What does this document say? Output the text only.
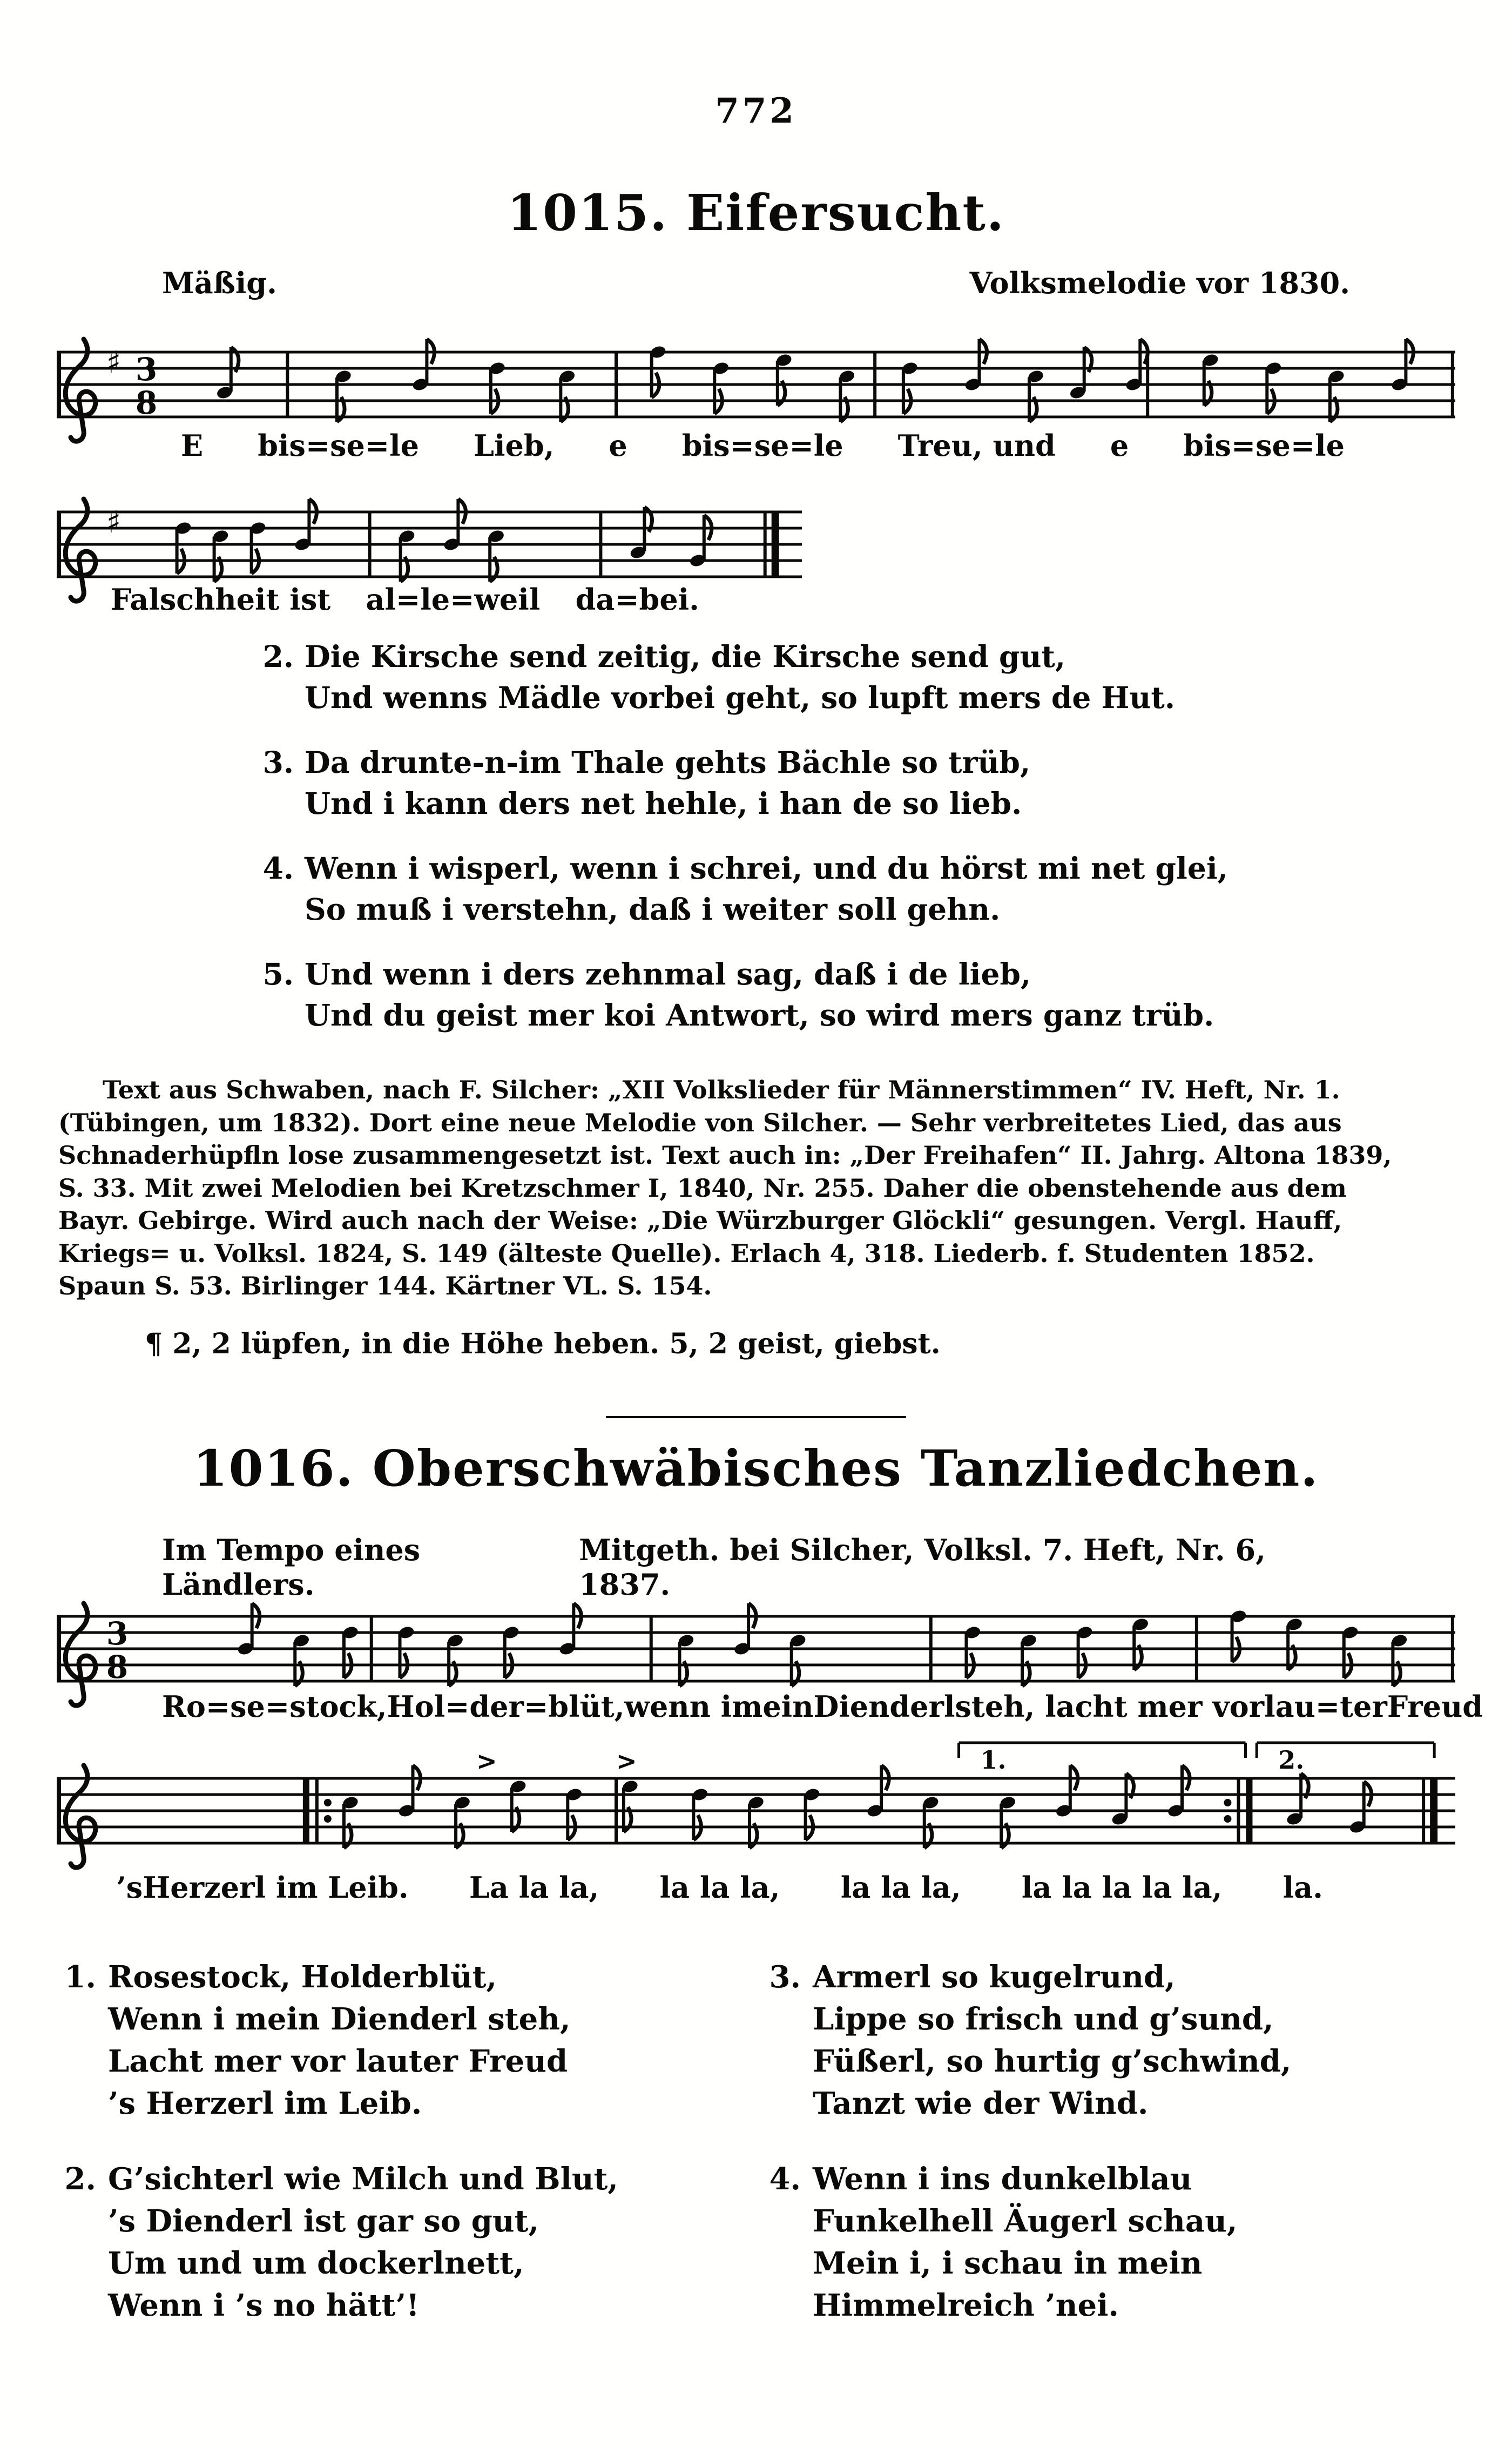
772
1015. Eifersucht.
Mäßig.	Volksmelodie vor 1830.
♯ 3
8
E bis=se=le Lieb, e bis=se=le Treu, und e bis=se=le
♯
Falschheit ist al=le=weil da=bei.
2. Die Kirsche send zeitig, die Kirsche send gut,
Und wenns Mädle vorbei geht, so lupft mers de Hut.
3. Da drunte-n-im Thale gehts Bächle so trüb,
Und i kann ders net hehle, i han de so lieb.
4. Wenn i wisperl, wenn i schrei, und du hörst mi net glei,
So muß i verstehn, daß i weiter soll gehn.
5. Und wenn i ders zehnmal sag, daß i de lieb,
Und du geist mer koi Antwort, so wird mers ganz trüb.
Text aus Schwaben, nach F. Silcher: „XII Volkslieder für Männerstimmen“ IV. Heft, Nr. 1.
(Tübingen, um 1832). Dort eine neue Melodie von Silcher. — Sehr verbreitetes Lied, das aus
Schnaderhüpfln lose zusammengesetzt ist. Text auch in: „Der Freihafen“ II. Jahrg. Altona 1839,
S. 33. Mit zwei Melodien bei Kretzschmer I, 1840, Nr. 255. Daher die obenstehende aus dem
Bayr. Gebirge. Wird auch nach der Weise: „Die Würzburger Glöckli“ gesungen. Vergl. Hauff,
Kriegs= u. Volksl. 1824, S. 149 (älteste Quelle). Erlach 4, 318. Liederb. f. Studenten 1852.
Spaun S. 53. Birlinger 144. Kärtner VL. S. 154.
¶ 2, 2 lüpfen, in die Höhe heben. 5, 2 geist, giebst.
1016. Oberschwäbisches Tanzliedchen.
Im Tempo eines Ländlers.
Mitgeth. bei Silcher, Volksl. 7. Heft, Nr. 6, 1837.
3
8
Ro=se=stock, Hol=der=blüt, wenn i mein Dienderl steh, lacht mer vor lau=ter Freud
1.	2.
>	>
’sHerzerl im Leib. La la la, la la la, la la la, la la la la la, la.
1. Rosestock, Holderblüt,
Wenn i mein Dienderl steh,
Lacht mer vor lauter Freud
’s Herzerl im Leib.
2. G’sichterl wie Milch und Blut,
’s Dienderl ist gar so gut,
Um und um dockerlnett,
Wenn i ’s no hätt’!
3. Armerl so kugelrund,
Lippe so frisch und g’sund,
Füßerl, so hurtig g’schwind,
Tanzt wie der Wind.
4. Wenn i ins dunkelblau
Funkelhell Äugerl schau,
Mein i, i schau in mein
Himmelreich ’nei.
